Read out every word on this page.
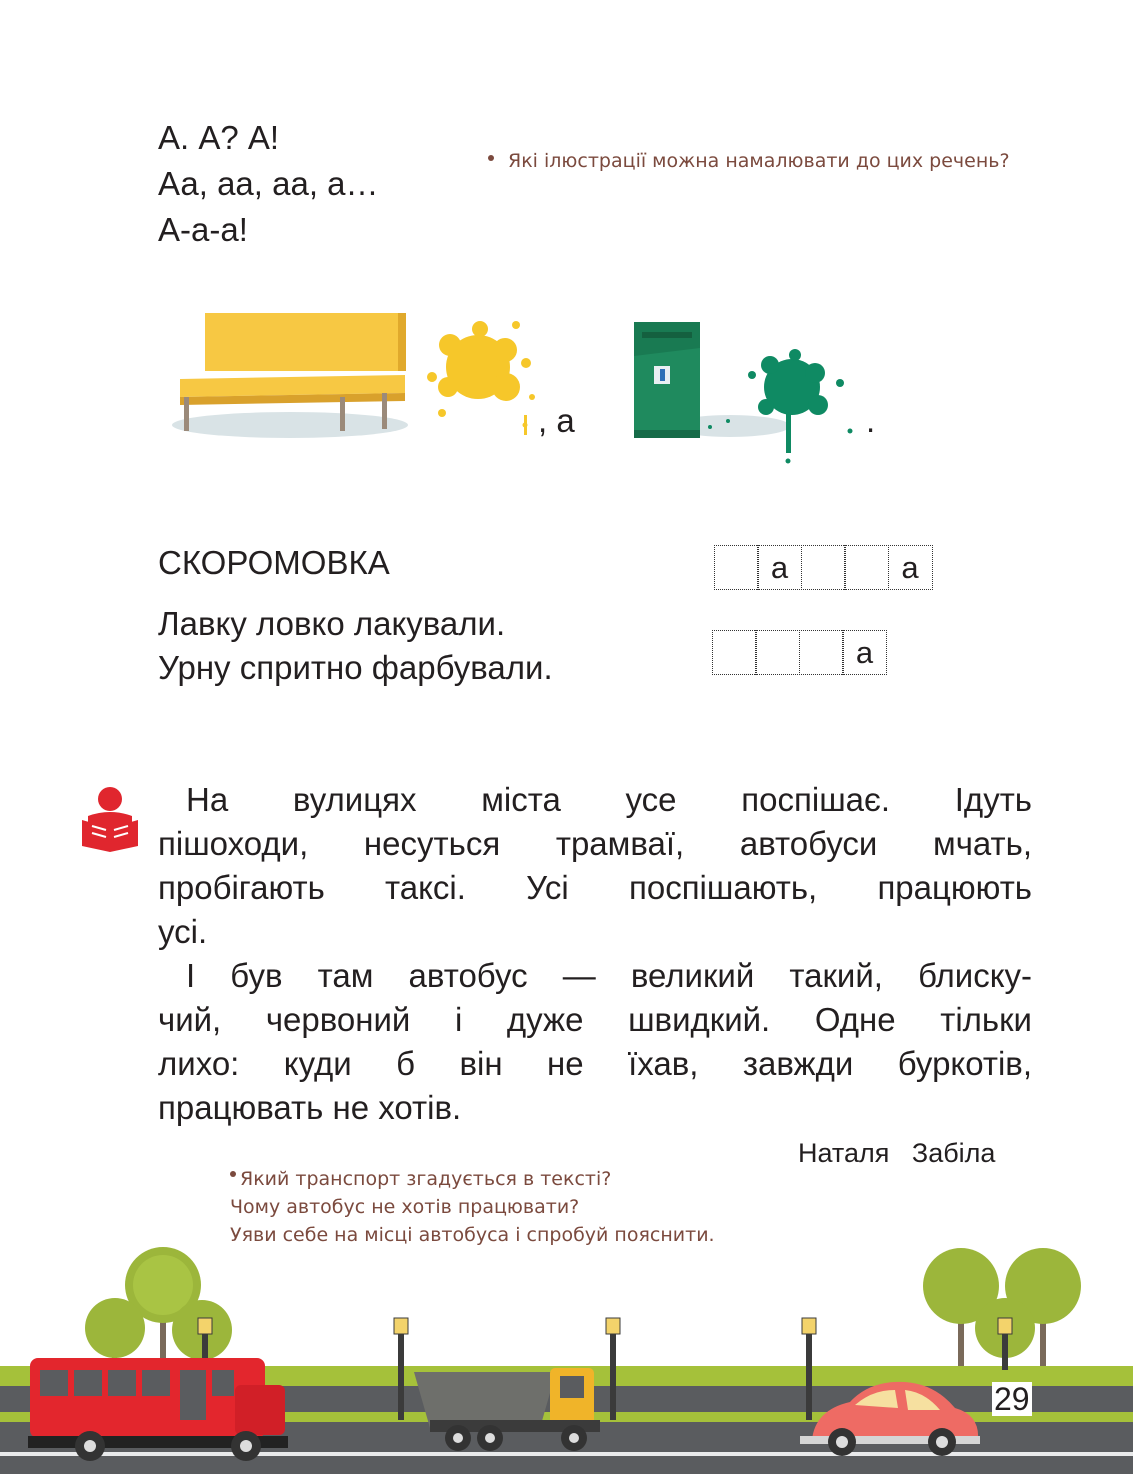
А. А? А!
Аа, аа, аа, а…
А-а-а!
Які ілюстрації можна намалювати до цих речень?
, а	.
СКОРОМОВКА
Лавку ловко лакували.
Урну спритно фарбували.
а	а
а

На вулицях міста усе поспішає. Ідуть

пішоходи, несуться трамваї, автобуси мчать,

пробігають таксі. Усі поспішають, працюють

усі.

І був там автобус — великий такий, блиску-

чий, червоний і дуже швидкий. Одне тільки

лихо: куди б він не їхав, завжди буркотів,

працювать не хотів.

Наталя   Забіла
Який транспорт згадується в тексті?
Чому автобус не хотів працювати?
Уяви себе на місці автобуса і спробуй пояснити.
29
